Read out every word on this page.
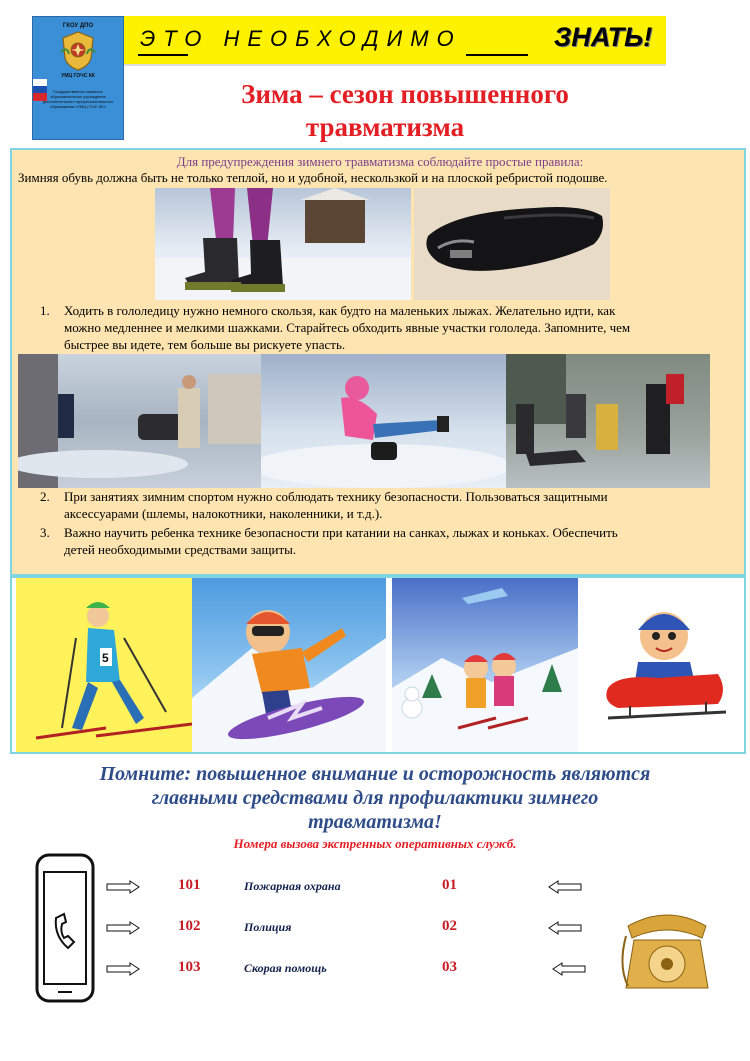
ЭТО НЕОБХОДИМО	ЗНАТЬ!
ГКОУ ДПО
УМЦ ГОЧС КК
Государственное казенное образовательное учреждение дополнительного профессионального образования «УМЦ ГОЧС КК»	Зима – сезон повышенного
травматизма
Для предупреждения зимнего травматизма соблюдайте простые правила:
Зимняя обувь должна быть не только теплой, но и удобной, нескользкой и на плоской ребристой подошве.
1. Ходить в гололедицу нужно немного скользя, как будто на маленьких лыжах. Желательно идти, как
можно медленнее и мелкими шажками. Старайтесь обходить явные участки гололеда. Запомните, чем
быстрее вы идете, тем больше вы рискуете упасть.
2. При занятиях зимним спортом нужно соблюдать технику безопасности. Пользоваться защитными
аксессуарами (шлемы, налокотники, наколенники, и т.д.).
3. Важно научить ребенка технике безопасности при катании на санках, лыжах и коньках. Обеспечить
детей необходимыми средствами защиты.
5
Помните: повышенное внимание и осторожность являются
главными средствами для профилактики зимнего
травматизма!
Номера вызова экстренных оперативных служб.
101	Пожарная охрана	01
102	Полиция	02
103	Скорая помощь	03
